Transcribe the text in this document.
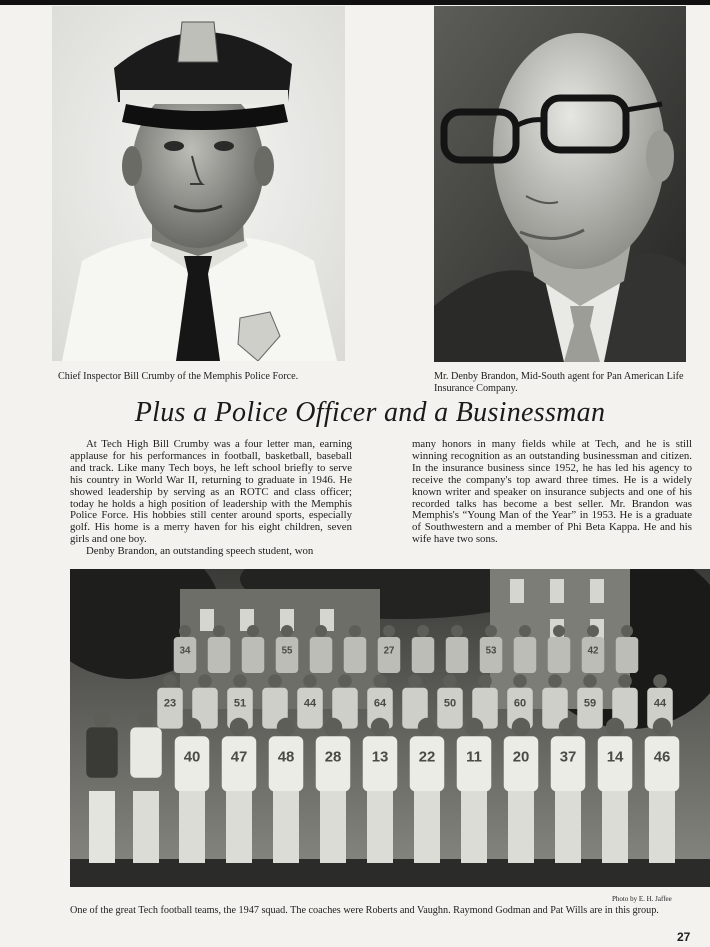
Chief Inspector Bill Crumby of the Memphis Police Force.	Mr. Denby Brandon, Mid-South agent for Pan American Life Insurance Company.
Plus a Police Officer and a Businessman

At Tech High Bill Crumby was a four letter man, earning applause for his performances in football, basketball, baseball and track. Like many Tech boys, he left school briefly to serve his country in World War II, returning to graduate in 1946. He showed leadership by serving as an ROTC and class officer; today he holds a high position of leadership with the Memphis Police Force. His hobbies still center around sports, especially golf. His home is a merry haven for his eight children, seven girls and one boy.

Denby Brandon, an outstanding speech student, won

many honors in many fields while at Tech, and he is still winning recognition as an outstanding businessman and citizen. In the insurance business since 1952, he has led his agency to receive the company's top award three times. He is a widely known writer and speaker on insurance subjects and one of his recorded talks has become a best seller. Mr. Brandon was Memphis's “Young Man of the Year” in 1953. He is a graduate of Southwestern and a member of Phi Beta Kappa. He and his wife have two sons.

34	55	27	53	42
23	51	44	64	50	60	59	44
40 47 48 28 13 22 11 20 37 14 46
Photo by E. H. Jaffee
One of the great Tech football teams, the 1947 squad. The coaches were Roberts and Vaughn. Raymond Godman and Pat Wills are in this group.
27
